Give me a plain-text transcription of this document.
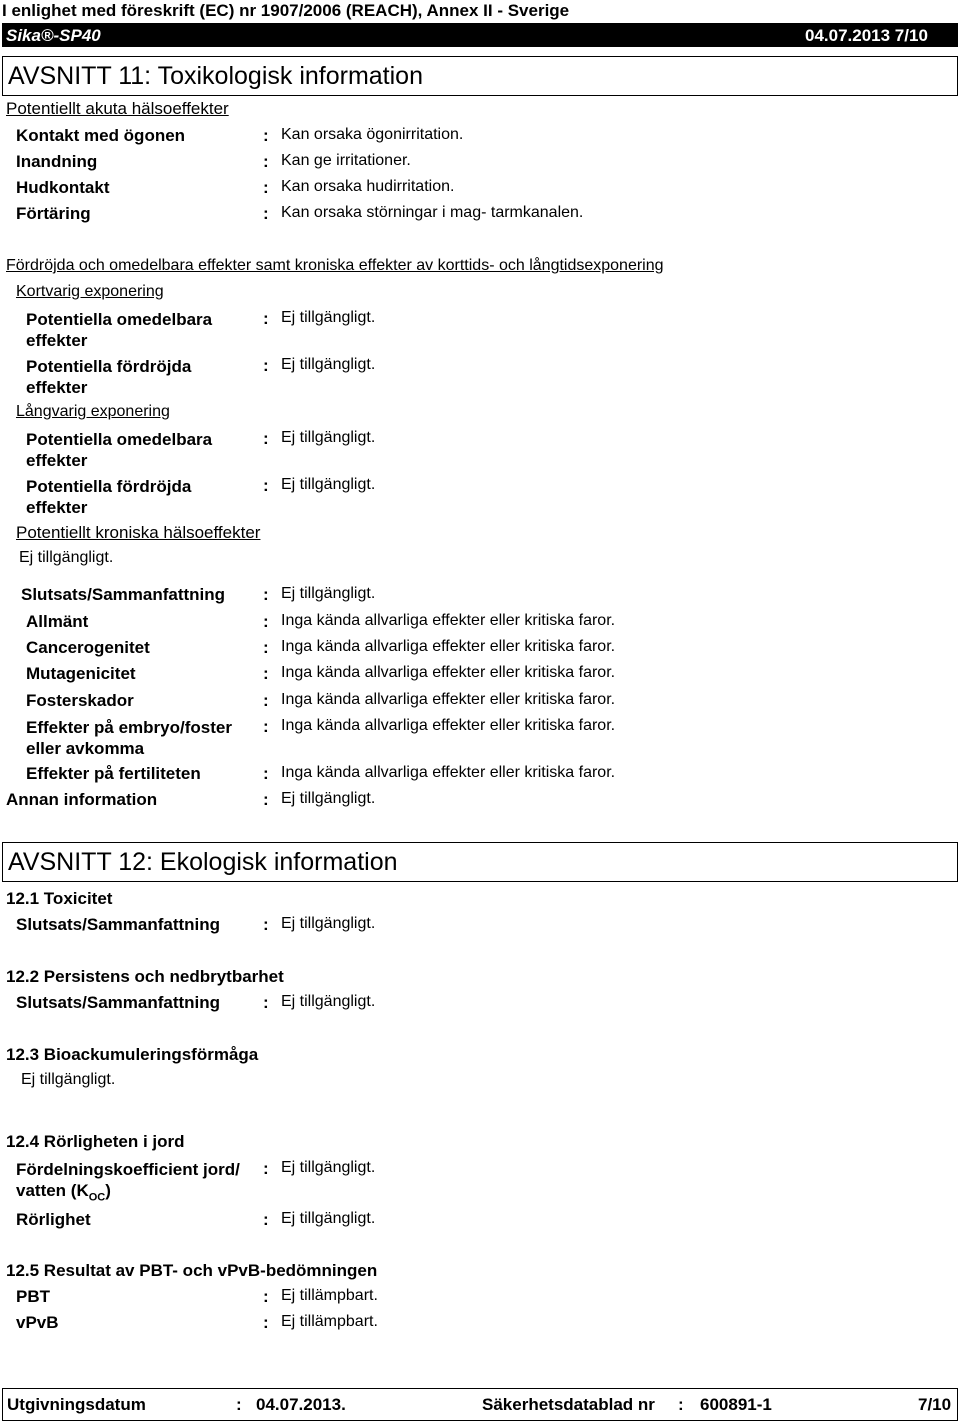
I enlighet med föreskrift (EC) nr 1907/2006 (REACH), Annex II - Sverige
Sika®-SP40	04.07.2013 7/10
AVSNITT 11: Toxikologisk information
Potentiellt akuta hälsoeffekter
Kontakt med ögonen	: Kan orsaka ögonirritation.
Inandning	: Kan ge irritationer.
Hudkontakt	: Kan orsaka hudirritation.
Förtäring	: Kan orsaka störningar i mag- tarmkanalen.
Fördröjda och omedelbara effekter samt kroniska effekter av korttids- och långtidsexponering
Kortvarig exponering
Potentiella omedelbara effekter
: Ej tillgängligt.
Potentiella fördröjda effekter
: Ej tillgängligt.
Långvarig exponering
Potentiella omedelbara effekter
: Ej tillgängligt.
Potentiella fördröjda effekter
: Ej tillgängligt.
Potentiellt kroniska hälsoeffekter
Ej tillgängligt.
Slutsats/Sammanfattning : Ej tillgängligt.
Allmänt	: Inga kända allvarliga effekter eller kritiska faror.
Cancerogenitet	: Inga kända allvarliga effekter eller kritiska faror.
Mutagenicitet	: Inga kända allvarliga effekter eller kritiska faror.
Fosterskador	: Inga kända allvarliga effekter eller kritiska faror.
Effekter på embryo/foster eller avkomma
: Inga kända allvarliga effekter eller kritiska faror.
Effekter på fertiliteten	: Inga kända allvarliga effekter eller kritiska faror.
Annan information	: Ej tillgängligt.
AVSNITT 12: Ekologisk information
12.1 Toxicitet
Slutsats/Sammanfattning	: Ej tillgängligt.
12.2 Persistens och nedbrytbarhet
Slutsats/Sammanfattning	: Ej tillgängligt.
12.3 Bioackumuleringsförmåga
Ej tillgängligt.
12.4 Rörligheten i jord
Fördelningskoefficient jord/
vatten $(K_{OC})$
: Ej tillgängligt.
Rörlighet	: Ej tillgängligt.
12.5 Resultat av PBT- och vPvB-bedömningen
PBT	: Ej tillämpbart.
vPvB	: Ej tillämpbart.
Utgivningsdatum	: 04.07.2013.	Säkerhetsdatablad nr : 600891-1	7/10
